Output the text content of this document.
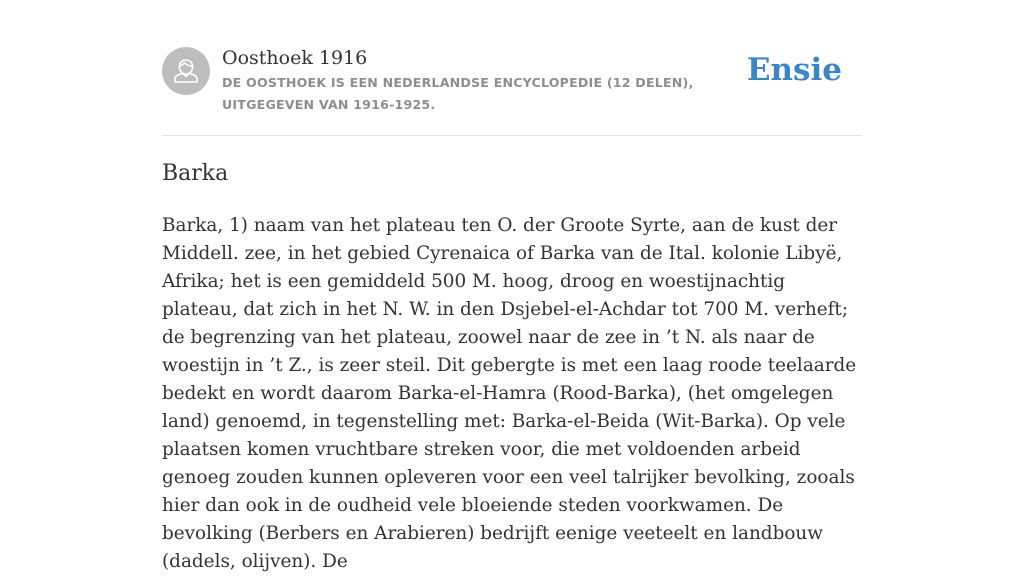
Oosthoek 1916
DE OOSTHOEK IS EEN NEDERLANDSE ENCYCLOPEDIE (12 DELEN), UITGEGEVEN VAN 1916-1925.
Ensie
Barka

Barka, 1) naam van het plateau ten O. der Groote Syrte, aan de kust der Middell. zee, in het gebied Cyrenaica of Barka van de Ital. kolonie Libyë, Afrika; het is een gemiddeld 500 M. hoog, droog en woestijnachtig plateau, dat zich in het N. W. in den Dsjebel-el-Achdar tot 700 M. verheft; de begrenzing van het plateau, zoowel naar de zee in ’t N. als naar de woestijn in ’t Z., is zeer steil. Dit gebergte is met een laag roode teelaarde bedekt en wordt daarom Barka-el-Hamra (Rood-Barka), (het omgelegen land) genoemd, in tegenstelling met: Barka-el-Beida (Wit-Barka). Op vele plaatsen komen vruchtbare streken voor, die met voldoenden arbeid genoeg zouden kunnen opleveren voor een veel talrijker bevolking, zooals hier dan ook in de oudheid vele bloeiende steden voorkwamen. De bevolking (Berbers en Arabieren) bedrijft eenige veeteelt en landbouw (dadels, olijven). De
